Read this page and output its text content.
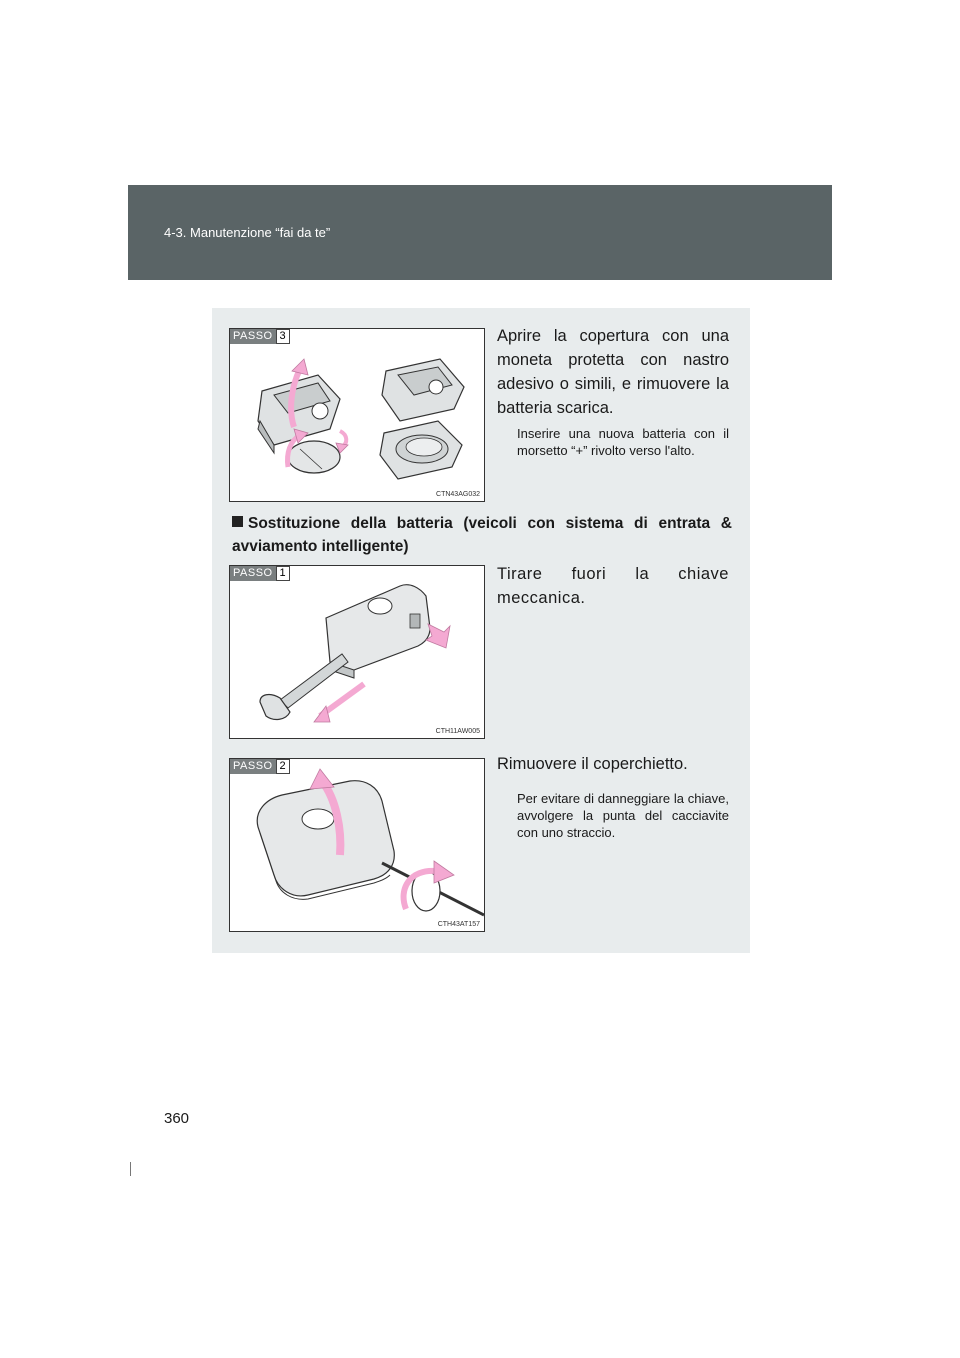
4-3. Manutenzione “fai da te”
PASSO 3
CTN43AG032
Aprire la copertura con una moneta protetta con nastro adesivo o simili, e rimuovere la batteria scarica.
Inserire una nuova batteria con il morsetto “+” rivolto verso l'alto.
Sostituzione della batteria (veicoli con sistema di entrata & avviamento intelligente)
PASSO 1
CTH11AW005
Tirare fuori la chiave meccanica.
PASSO 2
CTH43AT157
Rimuovere il coperchietto.
Per evitare di danneggiare la chiave, avvolgere la punta del cacciavite con uno straccio.
360
